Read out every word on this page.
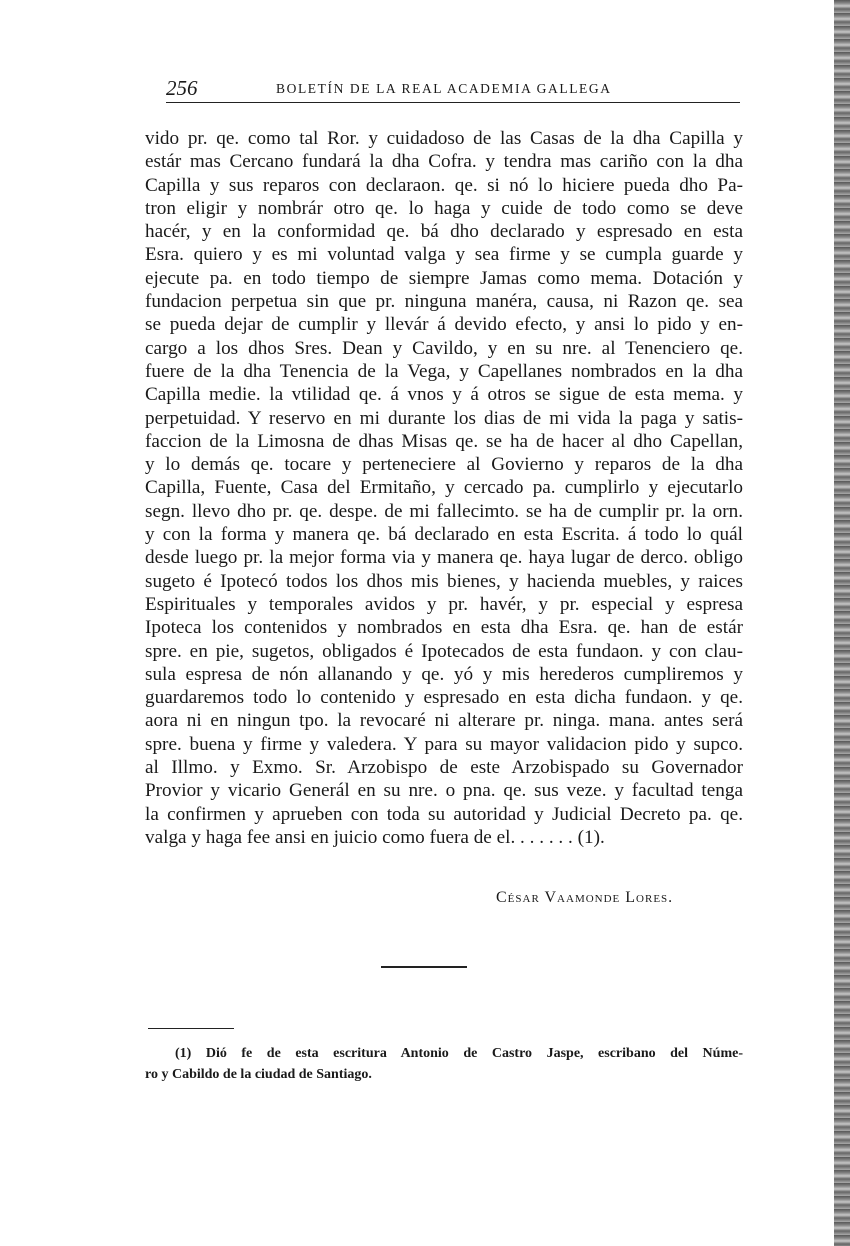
256	BOLETÍN DE LA REAL ACADEMIA GALLEGA
vido pr. qe. como tal Ror. y cuidadoso de las Casas de la dha Capilla y
estár mas Cercano fundará la dha Cofra. y tendra mas cariño con la dha
Capilla y sus reparos con declaraon. qe. si nó lo hiciere pueda dho Pa-
tron eligir y nombrár otro qe. lo haga y cuide de todo como se deve
hacér, y en la conformidad qe. bá dho declarado y espresado en esta
Esra. quiero y es mi voluntad valga y sea firme y se cumpla guarde y
ejecute pa. en todo tiempo de siempre Jamas como mema. Dotación y
fundacion perpetua sin que pr. ninguna manéra, causa, ni Razon qe. sea
se pueda dejar de cumplir y llevár á devido efecto, y ansi lo pido y en-
cargo a los dhos Sres. Dean y Cavildo, y en su nre. al Tenenciero qe.
fuere de la dha Tenencia de la Vega, y Capellanes nombrados en la dha
Capilla medie. la vtilidad qe. á vnos y á otros se sigue de esta mema. y
perpetuidad. Y reservo en mi durante los dias de mi vida la paga y satis-
faccion de la Limosna de dhas Misas qe. se ha de hacer al dho Capellan,
y lo demás qe. tocare y perteneciere al Govierno y reparos de la dha
Capilla, Fuente, Casa del Ermitaño, y cercado pa. cumplirlo y ejecutarlo
segn. llevo dho pr. qe. despe. de mi fallecimto. se ha de cumplir pr. la orn.
y con la forma y manera qe. bá declarado en esta Escrita. á todo lo quál
desde luego pr. la mejor forma via y manera qe. haya lugar de derco. obligo
sugeto é Ipotecó todos los dhos mis bienes, y hacienda muebles, y raices
Espirituales y temporales avidos y pr. havér, y pr. especial y espresa
Ipoteca los contenidos y nombrados en esta dha Esra. qe. han de estár
spre. en pie, sugetos, obligados é Ipotecados de esta fundaon. y con clau-
sula espresa de nón allanando y qe. yó y mis herederos cumpliremos y
guardaremos todo lo contenido y espresado en esta dicha fundaon. y qe.
aora ni en ningun tpo. la revocaré ni alterare pr. ninga. mana. antes será
spre. buena y firme y valedera. Y para su mayor validacion pido y supco.
al Illmo. y Exmo. Sr. Arzobispo de este Arzobispado su Governador
Provior y vicario Generál en su nre. o pna. qe. sus veze. y facultad tenga
la confirmen y aprueben con toda su autoridad y Judicial Decreto pa. qe.
valga y haga fee ansi en juicio como fuera de el. . . . . . . (1).
César Vaamonde Lores.
(1) Dió fe de esta escritura Antonio de Castro Jaspe, escribano del Núme-
ro y Cabildo de la ciudad de Santiago.
